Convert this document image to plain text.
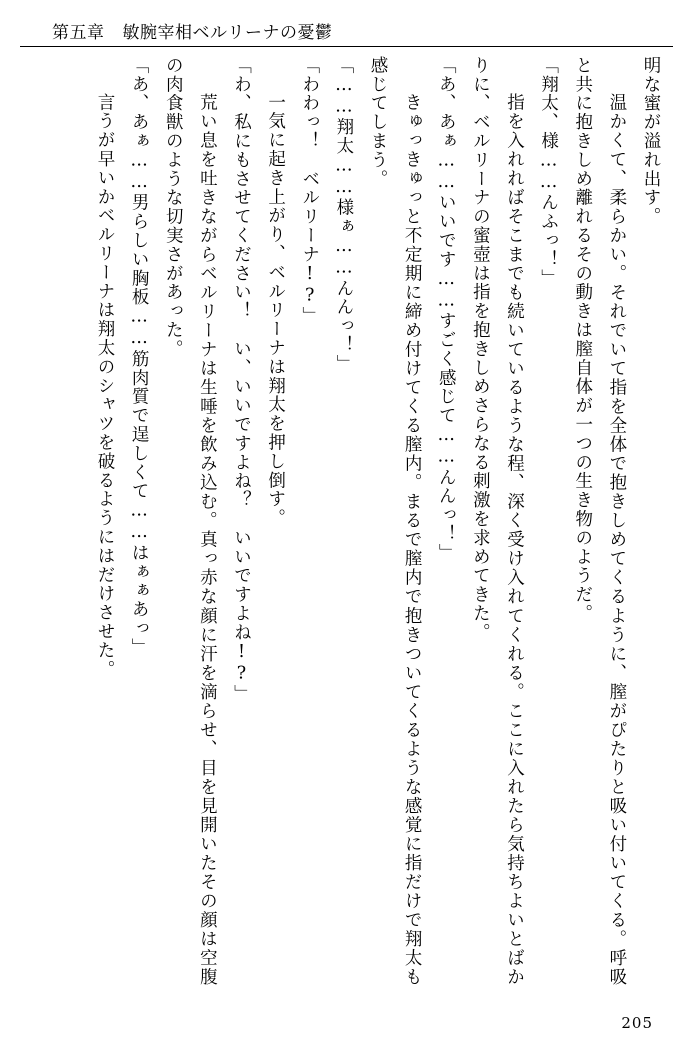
第五章 敏腕宰相ベルリーナの憂鬱

明な蜜が溢れ出す。

　温かくて、柔らかい。それでいて指を全体で抱きしめてくるように、膣がぴたりと吸い付いてくる。呼吸と共に抱きしめ離れるその動きは膣自体が一つの生き物のようだ。

「翔太、様……んふっ！」

　指を入れればそこまでも続いているような程、深く受け入れてくれる。ここに入れたら気持ちよいとばかりに、ベルリーナの蜜壺は指を抱きしめさらなる刺激を求めてきた。

「あ、あぁ……いいです……すごく感じて……んんっ！」

　きゅっきゅっと不定期に締め付けてくる膣内。まるで膣内で抱きついてくるような感覚に指だけで翔太も感じてしまう。

「……翔太……様ぁ……んんっ！」

「わわっ！　ベルリーナ!?」

　一気に起き上がり、ベルリーナは翔太を押し倒す。

「わ、私にもさせてください！　い、いいですよね？　いいですよね!?」

　荒い息を吐きながらベルリーナは生唾を飲み込む。真っ赤な顔に汗を滴らせ、目を見開いたその顔は空腹の肉食獣のような切実さがあった。

「あ、あぁ……男らしい胸板……筋肉質で逞しくて……はぁぁあっ」

　言うが早いかベルリーナは翔太のシャツを破るようにはだけさせた。

205
